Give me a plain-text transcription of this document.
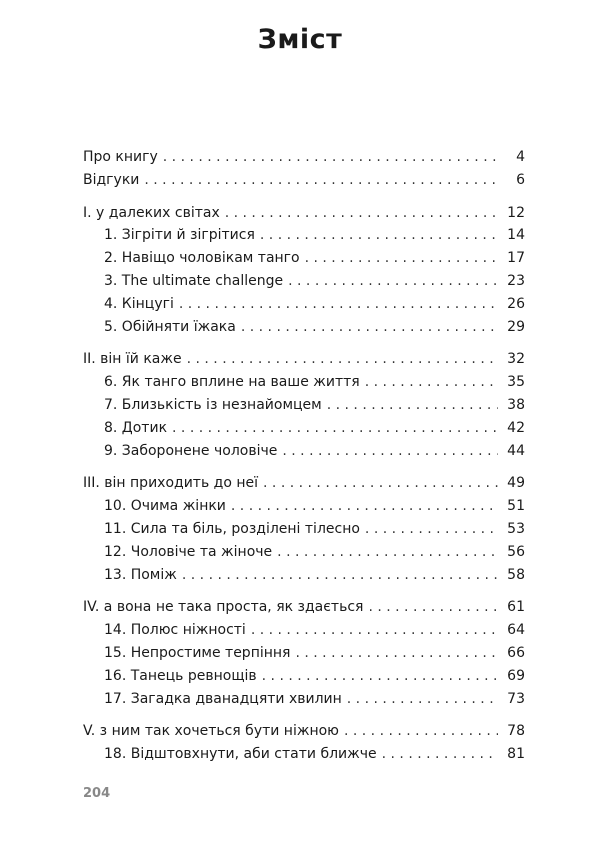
Зміст
Про книгу . . .	4
Відгуки . . .	6
I. у далеких світах . . .	12
1. Зігріти й зігрітися . . .	14
2. Навіщо чоловікам танго . . .	17
3. The ultimate challenge . . .	23
4. Кінцугі . . .	26
5. Обійняти їжака . . .	29
II. він їй каже . . .	32
6. Як танго вплине на ваше життя . . .	35
7. Близькість із незнайомцем . . .	38
8. Дотик . . .	42
9. Заборонене чоловіче . . .	44
III. він приходить до неї . . .	49
10. Очима жінки . . .	51
11. Сила та біль, розділені тілесно . . .	53
12. Чоловіче та жіноче . . .	56
13. Поміж . . .	58
IV. а вона не така проста, як здається . . .	61
14. Полюс ніжності . . .	64
15. Непростиме терпіння . . .	66
16. Танець ревнощів . . .	69
17. Загадка дванадцяти хвилин . . .	73
V. з ним так хочеться бути ніжною . . .	78
18. Відштовхнути, аби стати ближче . . .	81
204
